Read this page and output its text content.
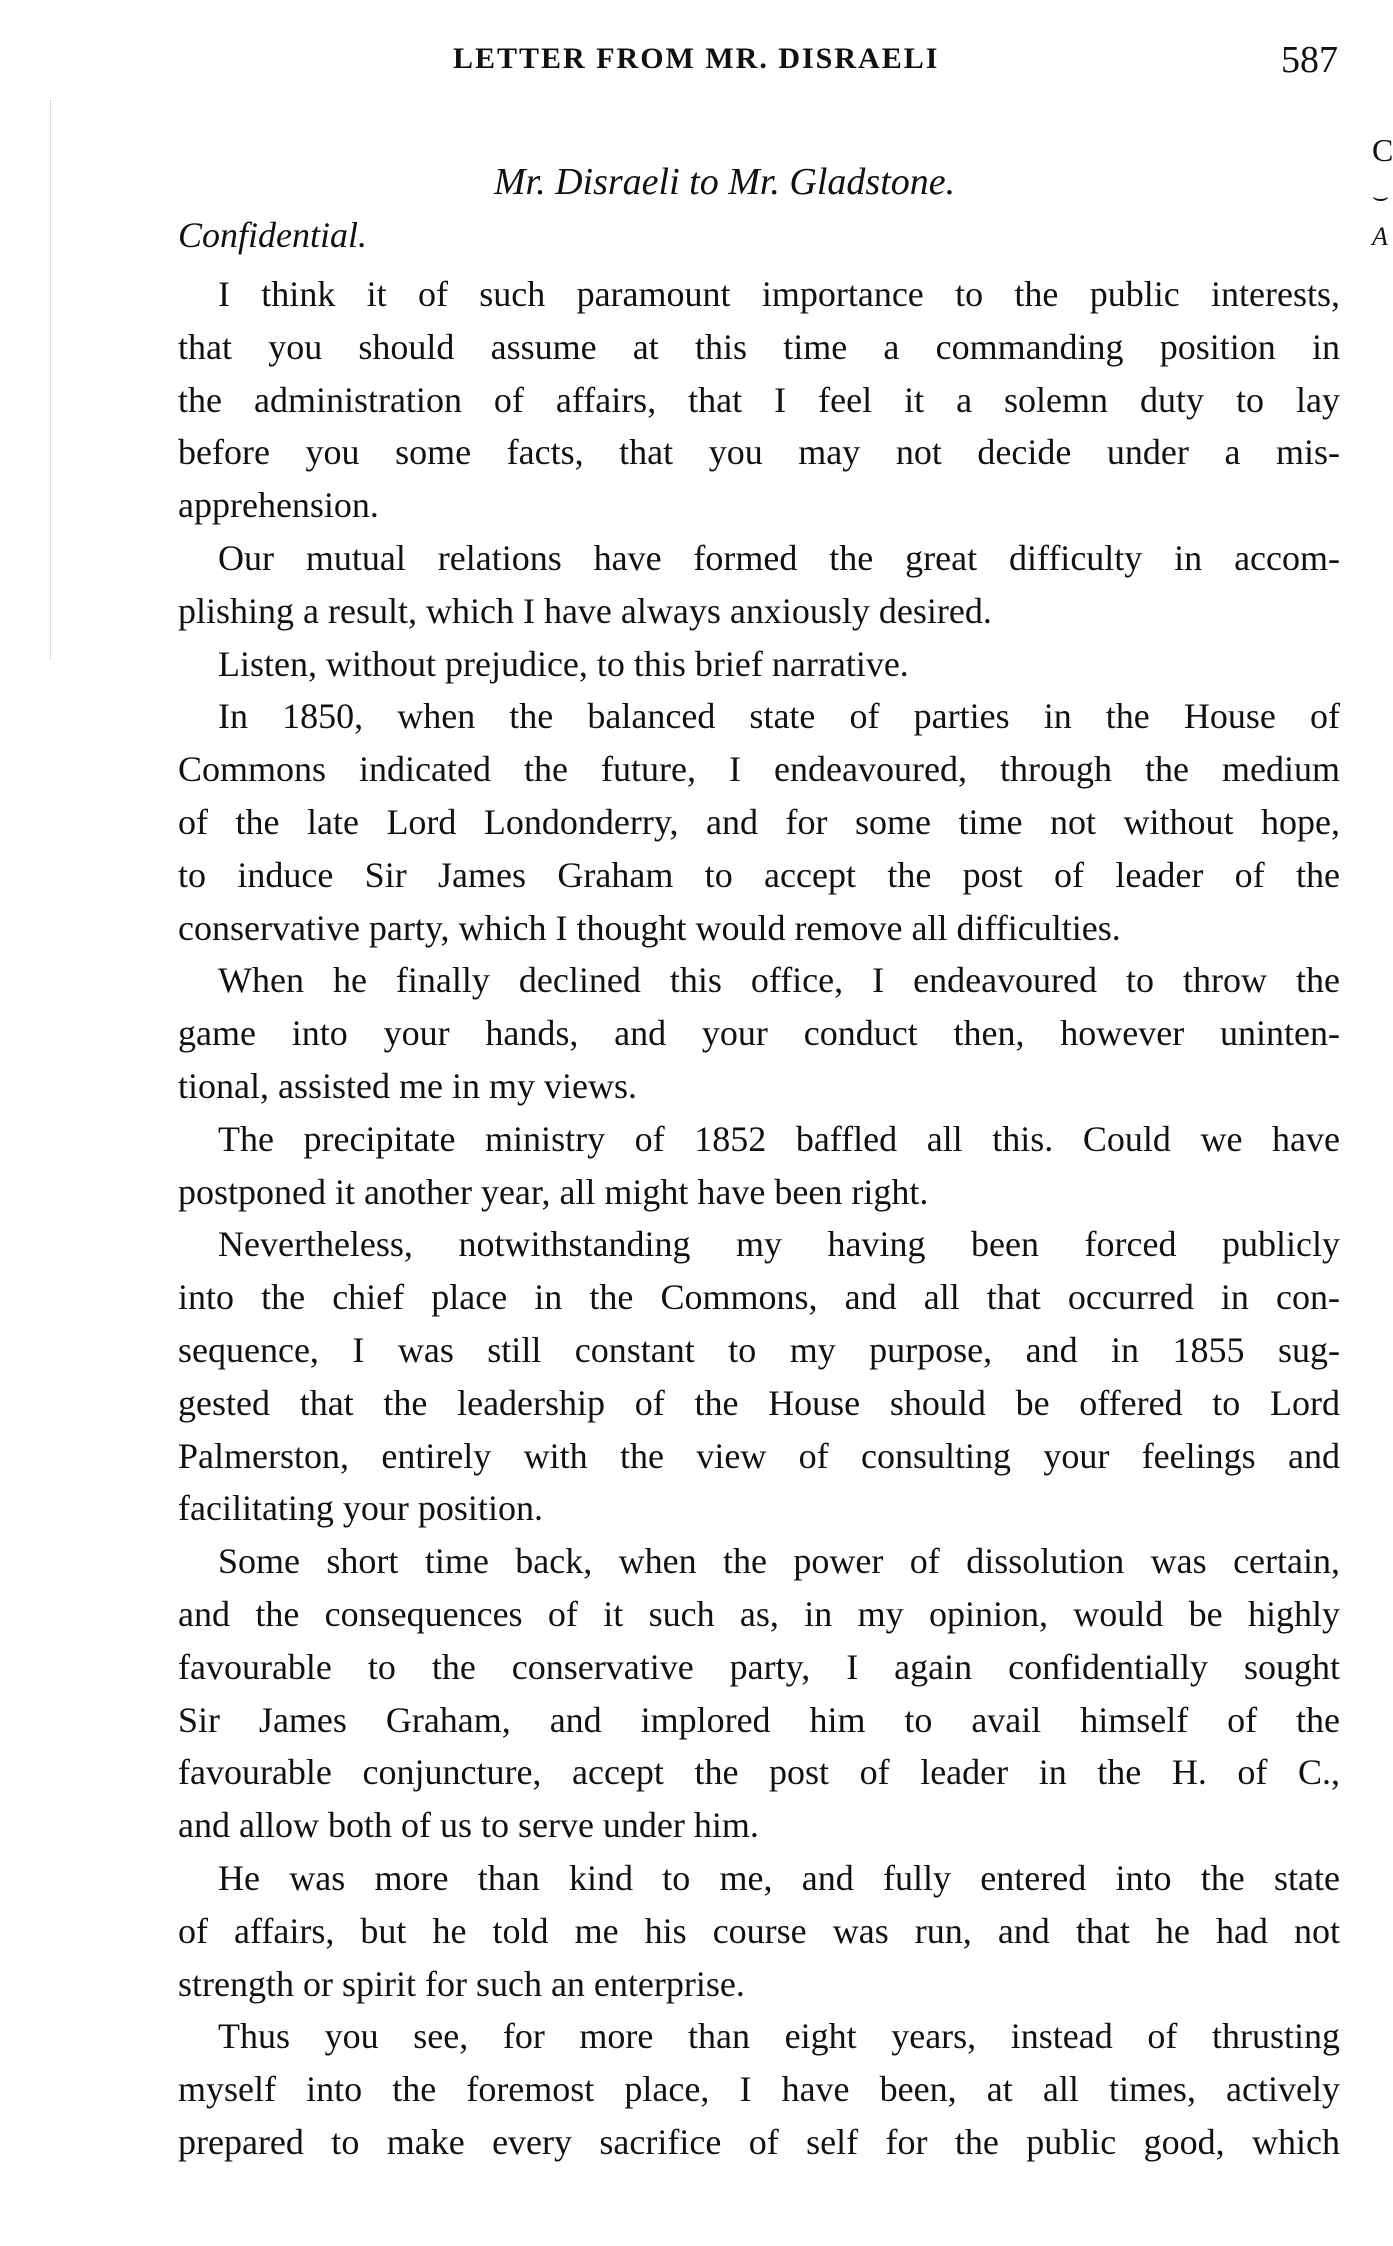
LETTER FROM MR. DISRAELI	587
Mr. Disraeli to Mr. Gladstone.
Confidential.
I think it of such paramount importance to the public interests,
that you should assume at this time a commanding position in
the administration of affairs, that I feel it a solemn duty to lay
before you some facts, that you may not decide under a mis-
apprehension.
Our mutual relations have formed the great difficulty in accom-
plishing a result, which I have always anxiously desired.
Listen, without prejudice, to this brief narrative.
In 1850, when the balanced state of parties in the House of
Commons indicated the future, I endeavoured, through the medium
of the late Lord Londonderry, and for some time not without hope,
to induce Sir James Graham to accept the post of leader of the
conservative party, which I thought would remove all difficulties.
When he finally declined this office, I endeavoured to throw the
game into your hands, and your conduct then, however uninten-
tional, assisted me in my views.
The precipitate ministry of 1852 baffled all this. Could we have
postponed it another year, all might have been right.
Nevertheless, notwithstanding my having been forced publicly
into the chief place in the Commons, and all that occurred in con-
sequence, I was still constant to my purpose, and in 1855 sug-
gested that the leadership of the House should be offered to Lord
Palmerston, entirely with the view of consulting your feelings and
facilitating your position.
Some short time back, when the power of dissolution was certain,
and the consequences of it such as, in my opinion, would be highly
favourable to the conservative party, I again confidentially sought
Sir James Graham, and implored him to avail himself of the
favourable conjuncture, accept the post of leader in the H. of C.,
and allow both of us to serve under him.
He was more than kind to me, and fully entered into the state
of affairs, but he told me his course was run, and that he had not
strength or spirit for such an enterprise.
Thus you see, for more than eight years, instead of thrusting
myself into the foremost place, I have been, at all times, actively
prepared to make every sacrifice of self for the public good, which
C
⌣
A
